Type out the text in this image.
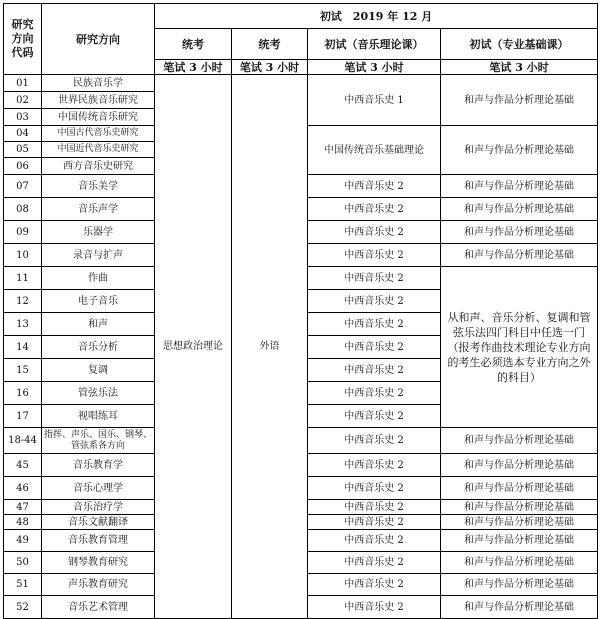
研究方向代码	研究方向	初试　2019 年 12 月			
		统考	统考	初试（音乐理论课）	初试（专业基础课）
		笔试 3 小时	笔试 3 小时	笔试 3 小时	笔试 3 小时
01	民族音乐学	思想政治理论	外语	中西音乐史 1	和声与作品分析理论基础
02	世界民族音乐研究				
03	中国传统音乐研究				
04	中国古代音乐史研究			中国传统音乐基础理论	和声与作品分析理论基础
05	中国近代音乐史研究				
06	西方音乐史研究				
07	音乐美学			中西音乐史 2	和声与作品分析理论基础
08	音乐声学			中西音乐史 2	和声与作品分析理论基础
09	乐器学			中西音乐史 2	和声与作品分析理论基础
10	录音与扩声			中西音乐史 2	和声与作品分析理论基础
11	作曲			中西音乐史 2	从和声、音乐分析、复调和管弦乐法四门科目中任选一门（报考作曲技术理论专业方向的考生必须选本专业方向之外的科目）
12	电子音乐			中西音乐史 2	
13	和声			中西音乐史 2	
14	音乐分析			中西音乐史 2	
15	复调			中西音乐史 2	
16	管弦乐法			中西音乐史 2	
17	视唱练耳			中西音乐史 2	
18-44	指挥、声乐、国乐、钢琴、管弦系各方向			中西音乐史 2	和声与作品分析理论基础
45	音乐教育学			中西音乐史 2	和声与作品分析理论基础
46	音乐心理学			中西音乐史 2	和声与作品分析理论基础
47	音乐治疗学			中西音乐史 2	和声与作品分析理论基础
48	音乐文献翻译			中西音乐史 2	和声与作品分析理论基础
49	音乐教育管理			中西音乐史 2	和声与作品分析理论基础
50	钢琴教育研究			中西音乐史 2	和声与作品分析理论基础
51	声乐教育研究			中西音乐史 2	和声与作品分析理论基础
52	音乐艺术管理			中西音乐史 2	和声与作品分析理论基础
